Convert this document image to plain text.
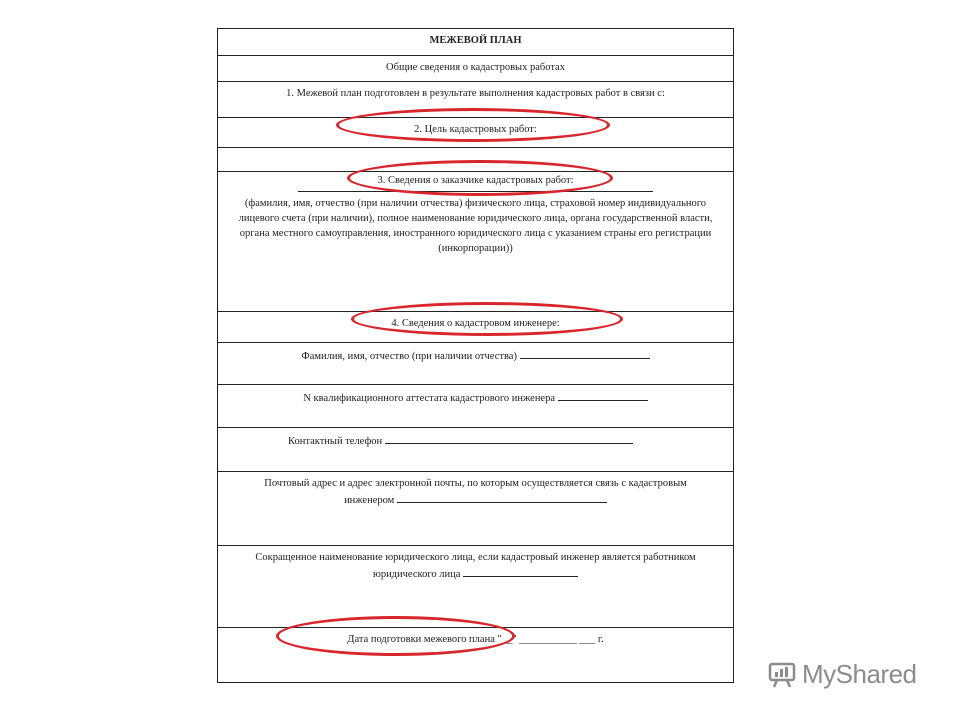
МЕЖЕВОЙ ПЛАН
Общие сведения о кадастровых работах
1. Межевой план подготовлен в результате выполнения кадастровых работ в связи с:
2. Цель кадастровых работ:
3. Сведения о заказчике кадастровых работ:
(фамилия, имя, отчество (при наличии отчества) физического лица, страховой номер индивидуального лицевого счета (при наличии), полное наименование юридического лица, органа государственной власти, органа местного самоуправления, иностранного юридического лица с указанием страны его регистрации (инкорпорации))
4. Сведения о кадастровом инженере:
Фамилия, имя, отчество (при наличии отчества)
N квалификационного аттестата кадастрового инженера
Контактный телефон
Почтовый адрес и адрес электронной почты, по которым осуществляется связь с кадастровым
инженером
Сокращенное наименование юридического лица, если кадастровый инженер является работником
юридического лица
Дата подготовки межевого плана "__" ___________ ___ г.
MyShared
